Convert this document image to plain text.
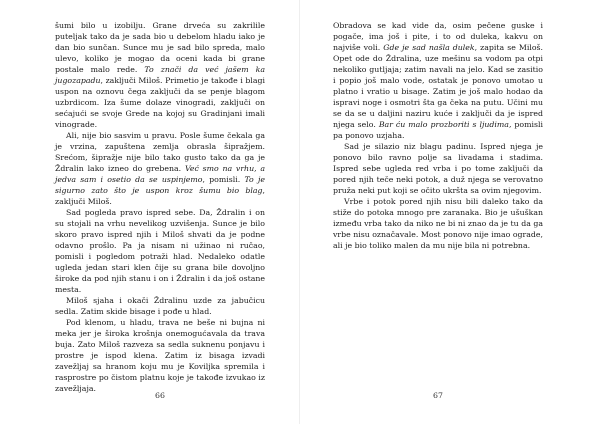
šumi bilo u izobilju. Grane drveća su zakrilile puteljak tako da je sada bio u debelom hladu iako je dan bio sunčan. Sunce mu je sad bilo spreda, malo ulevo, koliko je mogao da oceni kada bi grane postale malo rede. To znači da već jašem ka jugozapadu, zaključi Miloš. Primetio je takođe i blagi uspon na oznovu čega zaključi da se penje blagom uzbrdicom. Iza šume dolaze vinogradi, zaključi on sećajući se svoje Grede na kojoj su Gradinjani imali vinograde.

Ali, nije bio sasvim u pravu. Posle šume čekala ga je vrzina, zapuštena zemlja obrasla šipražjem. Srećom, šipražje nije bilo tako gusto tako da ga je Ždralin lako izneo do grebena. Već smo na vrhu, a jedva sam i osetio da se uspinjemo, pomisli. To je sigurno zato što je uspon kroz šumu bio blag, zaključi Miloš.

Sad pogleda pravo ispred sebe. Da, Ždralin i on su stojali na vrhu nevelikog uzvišenja. Sunce je bilo skoro pravo ispred njih i Miloš shvati da je podne odavno prošlo. Pa ja nisam ni užinao ni ručao, pomisli i pogledom potraži hlad. Nedaleko odatle ugleda jedan stari klen čije su grana bile dovoljno široke da pod njih stanu i on i Ždralin i da još ostane mesta.

Miloš sjaha i okači Ždralinu uzde za jabučicu sedla. Zatim skide bisage i pođe u hlad.

Pod klenom, u hladu, trava ne beše ni bujna ni meka jer je široka krošnja onemogućavala da trava buja. Zato Miloš razveza sa sedla suknenu ponjavu i prostre je ispod klena. Zatim iz bisaga izvadi zavežljaj sa hranom koju mu je Koviljka spremila i rasprostre po čistom platnu koje je takođe izvukao iz zavežljaja.

66

Obradova se kad vide da, osim pečene guske i pogače, ima još i pite, i to od duleka, kakvu on najviše voli. Gde je sad našla dulek, zapita se Miloš. Opet ode do Ždralina, uze mešinu sa vodom pa otpi nekoliko gutljaja; zatim navali na jelo. Kad se zasitio i popio još malo vode, ostatak je ponovo umotao u platno i vratio u bisage. Zatim je još malo hodao da ispravi noge i osmotri šta ga čeka na putu. Učini mu se da se u daljini naziru kuće i zaključi da je ispred njega selo. Bar ću malo prozboriti s ljudima, pomisli pa ponovo uzjaha.

Sad je silazio niz blagu padinu. Ispred njega je ponovo bilo ravno polje sa livadama i stadima. Ispred sebe ugleda red vrba i po tome zaključi da pored njih teče neki potok, a duž njega se verovatno pruža neki put koji se očito ukršta sa ovim njegovim.

Vrbe i potok pored njih nisu bili daleko tako da stiže do potoka mnogo pre zaranaka. Bio je ušuškan između vrba tako da niko ne bi ni znao da je tu da ga vrbe nisu označavale. Most ponovo nije imao ograde, ali je bio toliko malen da mu nije bila ni potrebna.

67
